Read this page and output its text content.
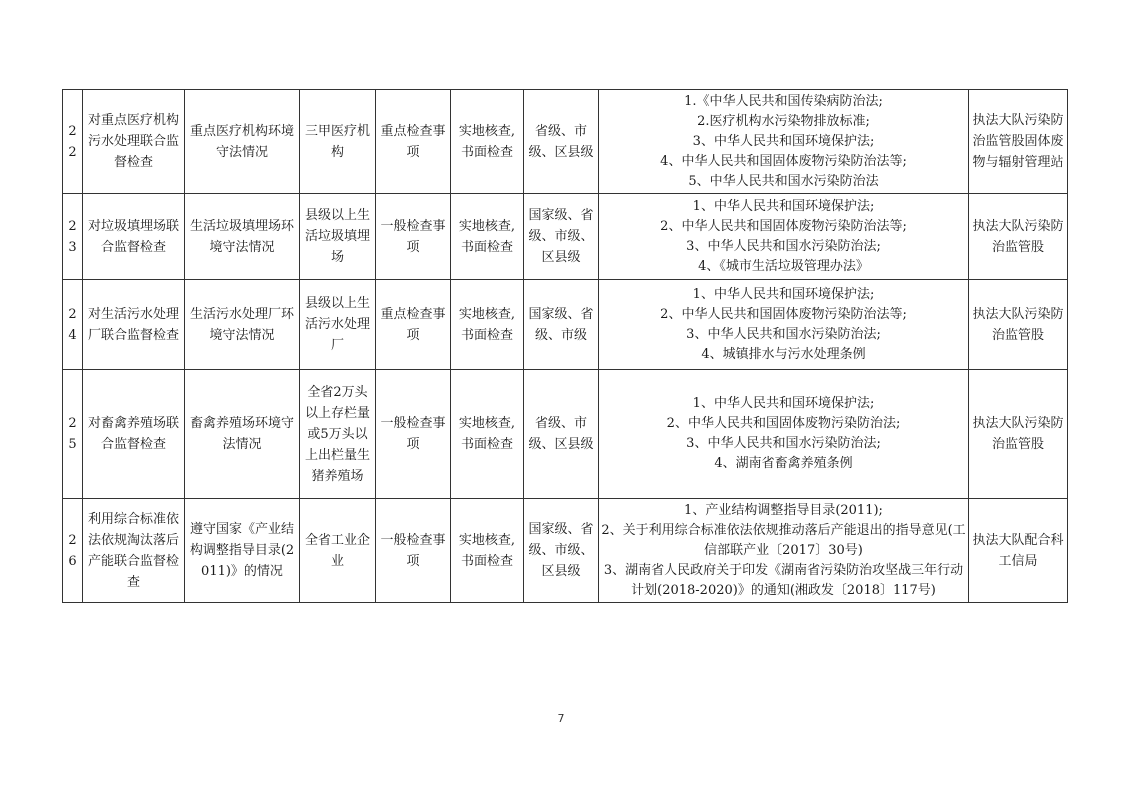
22	对重点医疗机构污水处理联合监督检查	重点医疗机构环境守法情况	三甲医疗机构	重点检查事项	实地核查,书面检查	省级、市级、区县级	1.《中华人民共和国传染病防治法;
2.医疗机构水污染物排放标准;
3、中华人民共和国环境保护法;
4、中华人民共和国固体废物污染防治法等;
5、中华人民共和国水污染防治法	执法大队污染防治监管股固体废物与辐射管理站
23	对垃圾填埋场联合监督检查	生活垃圾填埋场环境守法情况	县级以上生活垃圾填埋场	一般检查事项	实地核查,书面检查	国家级、省级、市级、区县级	1、中华人民共和国环境保护法;
2、中华人民共和国固体废物污染防治法等;
3、中华人民共和国水污染防治法;
4、《城市生活垃圾管理办法》	执法大队污染防治监管股
24	对生活污水处理厂联合监督检查	生活污水处理厂环境守法情况	县级以上生活污水处理厂	重点检查事项	实地核查,书面检查	国家级、省级、市级	1、中华人民共和国环境保护法;
2、中华人民共和国固体废物污染防治法等;
3、中华人民共和国水污染防治法;
4、城镇排水与污水处理条例	执法大队污染防治监管股
25	对畜禽养殖场联合监督检查	畜禽养殖场环境守法情况	全省2万头以上存栏量或5万头以上出栏量生猪养殖场	一般检查事项	实地核查,书面检查	省级、市级、区县级	1、中华人民共和国环境保护法;
2、中华人民共和国固体废物污染防治法;
3、中华人民共和国水污染防治法;
4、湖南省畜禽养殖条例	执法大队污染防治监管股
26	利用综合标准依法依规淘汰落后产能联合监督检查	遵守国家《产业结构调整指导目录(2011)》的情况	全省工业企业	一般检查事项	实地核查,书面检查	国家级、省级、市级、区县级	1、产业结构调整指导目录(2011);
2、关于利用综合标准依法依规推动落后产能退出的指导意见(工信部联产业〔2017〕30号)
3、湖南省人民政府关于印发《湖南省污染防治攻坚战三年行动计划(2018-2020)》的通知(湘政发〔2018〕117号)	执法大队配合科工信局
7
